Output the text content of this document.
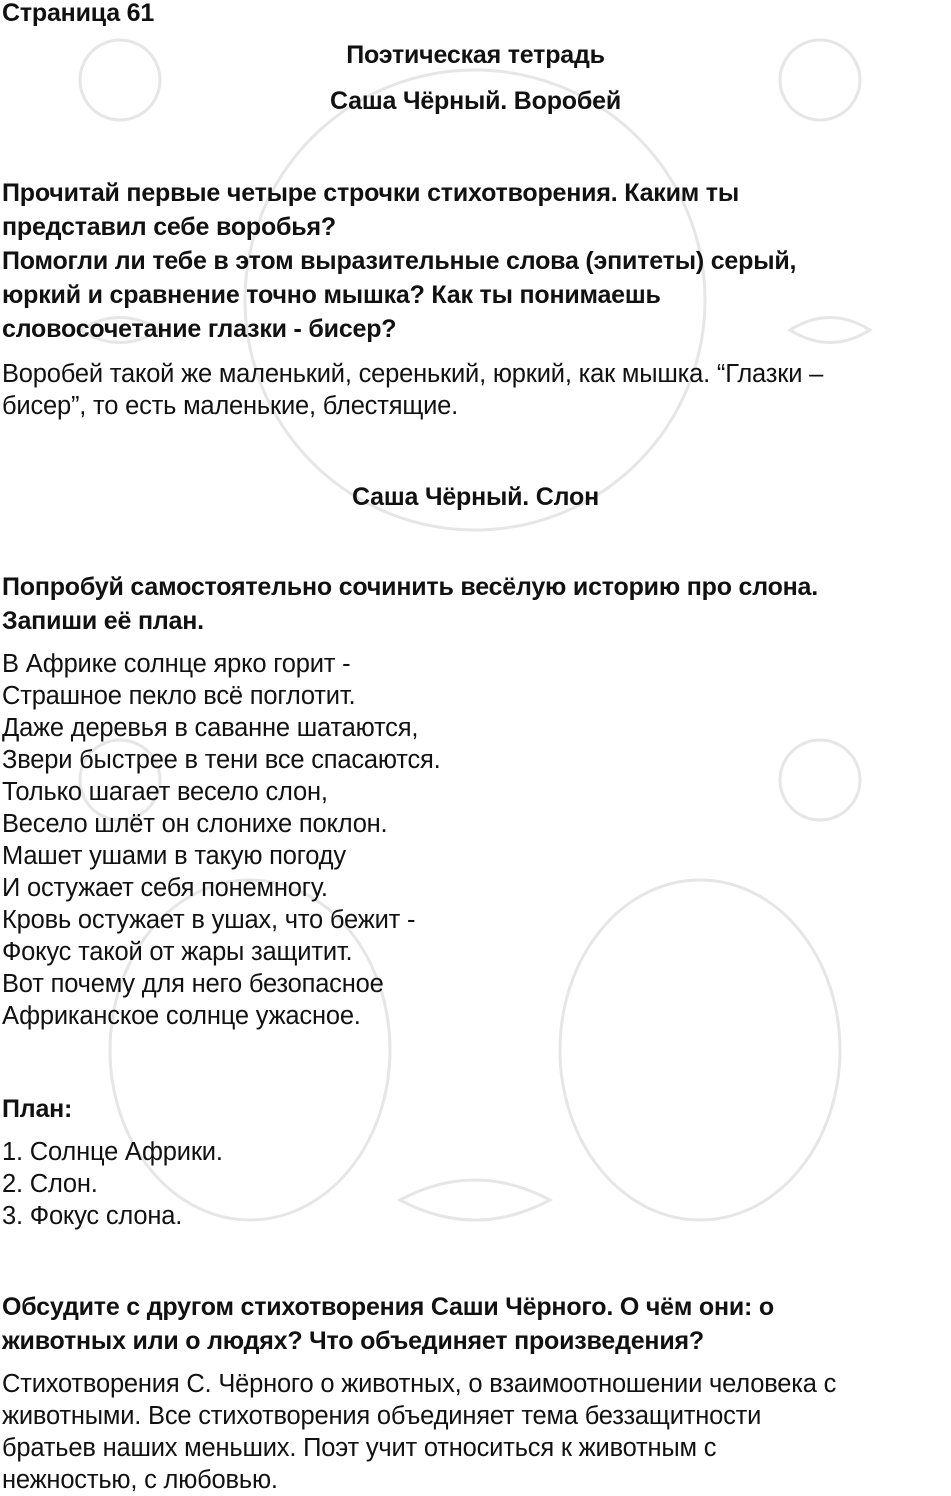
Страница 61
Поэтическая тетрадь
Саша Чёрный. Воробей
Прочитай первые четыре строчки стихотворения. Каким ты
представил себе воробья?
Помогли ли тебе в этом выразительные слова (эпитеты) серый,
юркий и сравнение точно мышка? Как ты понимаешь
словосочетание глазки - бисер?
Воробей такой же маленький, серенький, юркий, как мышка. “Глазки –
бисер”, то есть маленькие, блестящие.
Саша Чёрный. Слон
Попробуй самостоятельно сочинить весёлую историю про слона.
Запиши её план.
В Африке солнце ярко горит -
Страшное пекло всё поглотит.
Даже деревья в саванне шатаются,
Звери быстрее в тени все спасаются.
Только шагает весело слон,
Весело шлёт он слонихе поклон.
Машет ушами в такую погоду
И остужает себя понемногу.
Кровь остужает в ушах, что бежит -
Фокус такой от жары защитит.
Вот почему для него безопасное
Африканское солнце ужасное.
План:
1. Солнце Африки.
2. Слон.
3. Фокус слона.
Обсудите с другом стихотворения Саши Чёрного. О чём они: о
животных или о людях? Что объединяет произведения?
Стихотворения С. Чёрного о животных, о взаимоотношении человека с
животными. Все стихотворения объединяет тема беззащитности
братьев наших меньших. Поэт учит относиться к животным с
нежностью, с любовью.
